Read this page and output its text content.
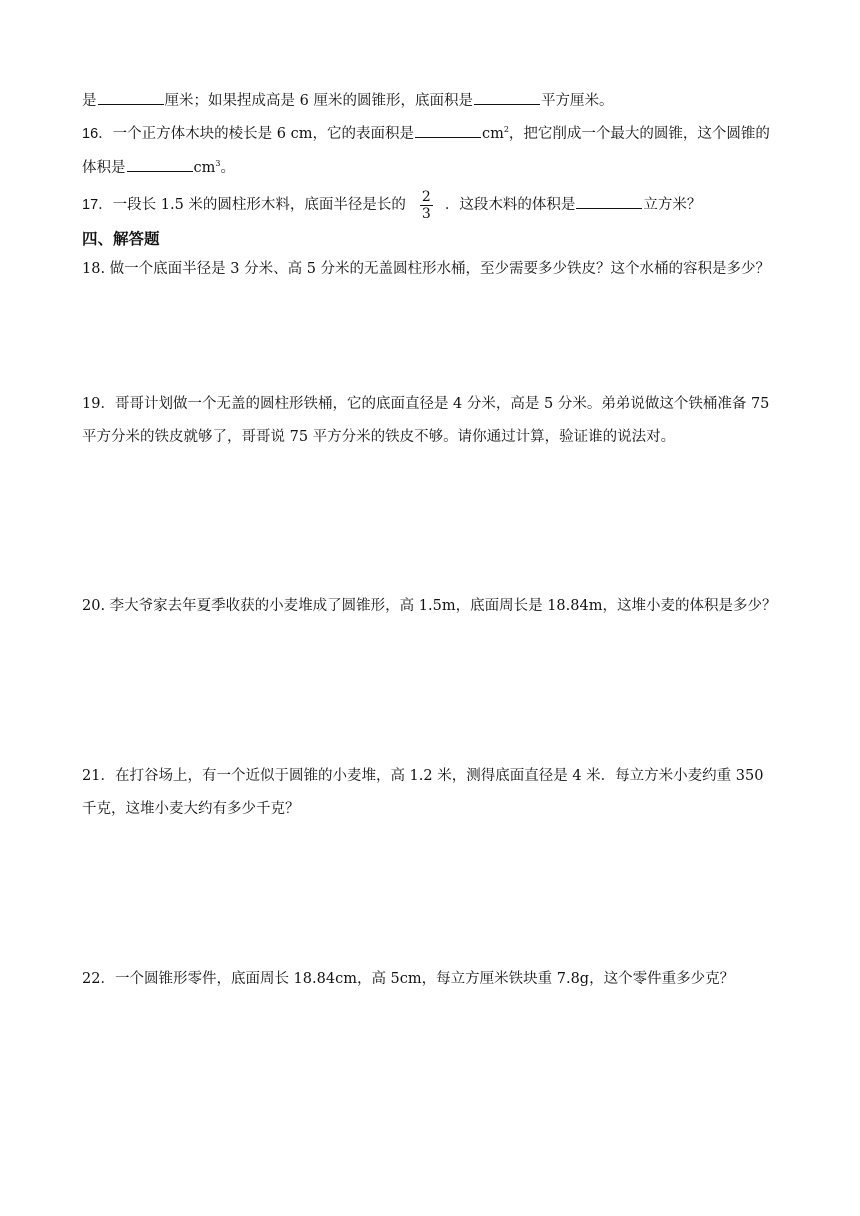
是	厘米；如果捏成高是 6 厘米的圆锥形，底面积是	平方厘米。
16．一个正方体木块的棱长是 6 cm，它的表面积是	$cm^2$，把它削成一个最大的圆锥，这个圆锥的
体积是	$cm^3$。
17．一段长 1.5 米的圆柱形木料，底面半径是长的 $\frac{2}{3}$ ．这段木料的体积是	立方米？
四、解答题
18. 做一个底面半径是 3 分米、高 5 分米的无盖圆柱形水桶，至少需要多少铁皮？这个水桶的容积是多少？
19．哥哥计划做一个无盖的圆柱形铁桶，它的底面直径是 4 分米，高是 5 分米。弟弟说做这个铁桶准备 75
平方分米的铁皮就够了，哥哥说 75 平方分米的铁皮不够。请你通过计算，验证谁的说法对。
20. 李大爷家去年夏季收获的小麦堆成了圆锥形，高 1.5m，底面周长是 18.84m，这堆小麦的体积是多少？
21．在打谷场上，有一个近似于圆锥的小麦堆，高 1.2 米，测得底面直径是 4 米．每立方米小麦约重 350
千克，这堆小麦大约有多少千克？
22．一个圆锥形零件，底面周长 18.84cm，高 5cm，每立方厘米铁块重 7.8g，这个零件重多少克？
